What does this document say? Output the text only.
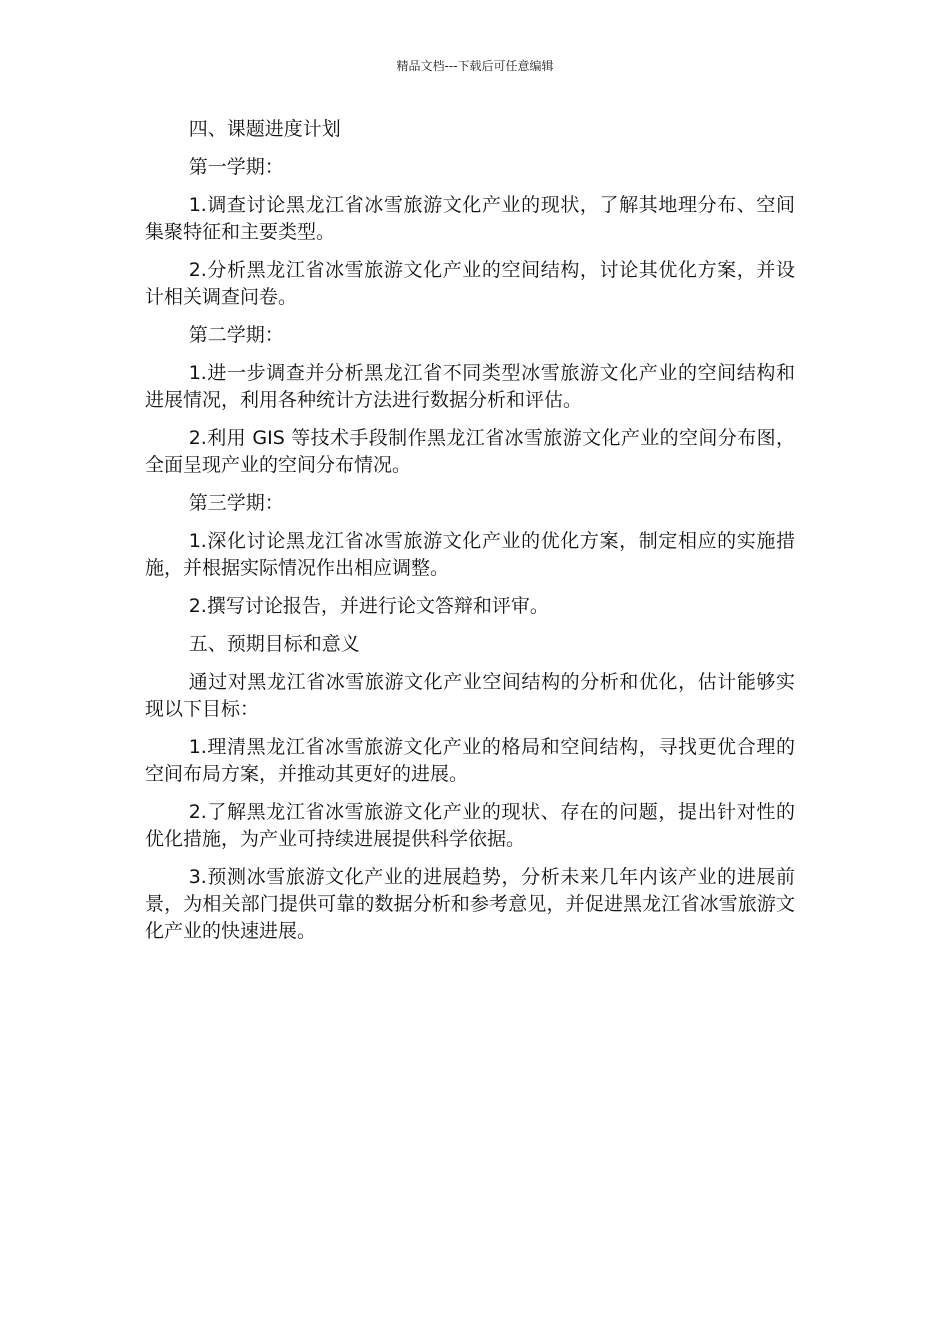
精品文档---下载后可任意编辑

四、课题进度计划

第一学期：

1.调查讨论黑龙江省冰雪旅游文化产业的现状，了解其地理分布、空间集聚特征和主要类型。

2.分析黑龙江省冰雪旅游文化产业的空间结构，讨论其优化方案，并设计相关调查问卷。

第二学期：

1.进一步调查并分析黑龙江省不同类型冰雪旅游文化产业的空间结构和进展情况，利用各种统计方法进行数据分析和评估。

2.利用 GIS 等技术手段制作黑龙江省冰雪旅游文化产业的空间分布图，全面呈现产业的空间分布情况。

第三学期：

1.深化讨论黑龙江省冰雪旅游文化产业的优化方案，制定相应的实施措施，并根据实际情况作出相应调整。

2.撰写讨论报告，并进行论文答辩和评审。

五、预期目标和意义

通过对黑龙江省冰雪旅游文化产业空间结构的分析和优化，估计能够实现以下目标：

1.理清黑龙江省冰雪旅游文化产业的格局和空间结构，寻找更优合理的空间布局方案，并推动其更好的进展。

2.了解黑龙江省冰雪旅游文化产业的现状、存在的问题，提出针对性的优化措施，为产业可持续进展提供科学依据。

3.预测冰雪旅游文化产业的进展趋势，分析未来几年内该产业的进展前景，为相关部门提供可靠的数据分析和参考意见，并促进黑龙江省冰雪旅游文化产业的快速进展。
